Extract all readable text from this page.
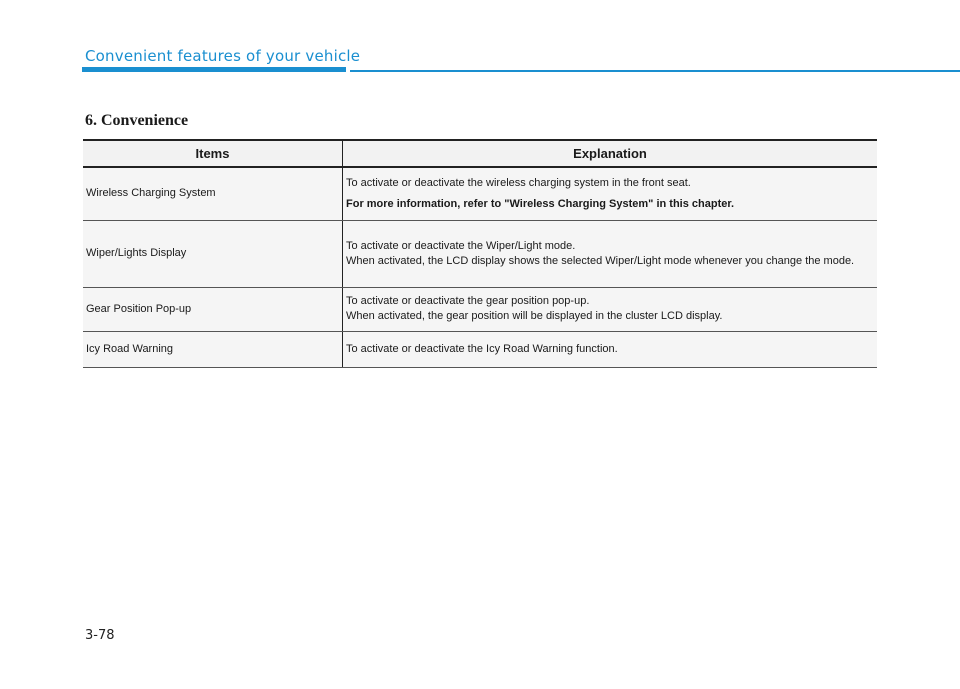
Convenient features of your vehicle
6. Convenience
Items	Explanation
Wireless Charging System	To activate or deactivate the wireless charging system in the front seat.
For more information, refer to "Wireless Charging System" in this chapter.

Wiper/Lights Display	To activate or deactivate the Wiper/Light mode.
When activated, the LCD display shows the selected Wiper/Light mode whenever you change the mode.

Gear Position Pop-up	To activate or deactivate the gear position pop-up.
When activated, the gear position will be displayed in the cluster LCD display.

Icy Road Warning	To activate or deactivate the Icy Road Warning function.
3-78
